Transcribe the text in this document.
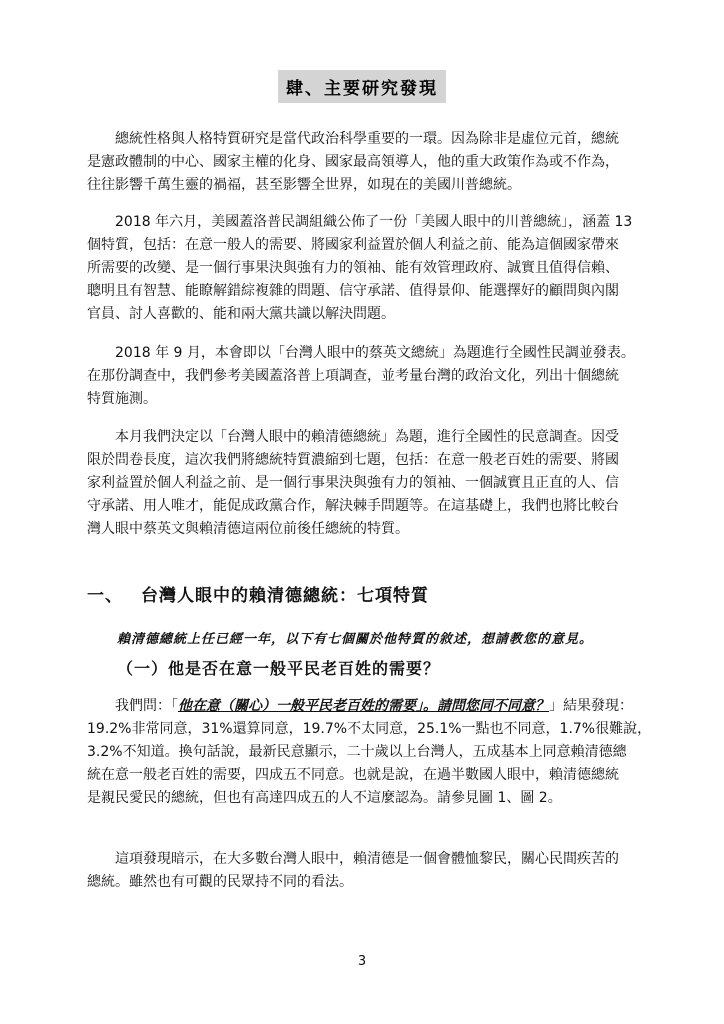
肆、主要研究發現
總統性格與人格特質研究是當代政治科學重要的一環。因為除非是虛位元首，總統
是憲政體制的中心、國家主權的化身、國家最高領導人，他的重大政策作為或不作為，
往往影響千萬生靈的禍福，甚至影響全世界，如現在的美國川普總統。
2018 年六月，美國蓋洛普民調組織公佈了一份「美國人眼中的川普總統」，涵蓋 13
個特質，包括：在意一般人的需要、將國家利益置於個人利益之前、能為這個國家帶來
所需要的改變、是一個行事果決與強有力的領袖、能有效管理政府、誠實且值得信賴、
聰明且有智慧、能瞭解錯綜複雜的問題、信守承諾、值得景仰、能選擇好的顧問與內閣
官員、討人喜歡的、能和兩大黨共識以解決問題。
2018 年 9 月，本會即以「台灣人眼中的蔡英文總統」為題進行全國性民調並發表。
在那份調查中，我們參考美國蓋洛普上項調查，並考量台灣的政治文化，列出十個總統
特質施測。
本月我們決定以「台灣人眼中的賴清德總統」為題，進行全國性的民意調查。因受
限於問卷長度，這次我們將總統特質濃縮到七題，包括：在意一般老百姓的需要、將國
家利益置於個人利益之前、是一個行事果決與強有力的領袖、一個誠實且正直的人、信
守承諾、用人唯才，能促成政黨合作，解決棘手問題等。在這基礎上，我們也將比較台
灣人眼中蔡英文與賴清德這兩位前後任總統的特質。
一、 台灣人眼中的賴清德總統：七項特質
賴清德總統上任已經一年，以下有七個關於他特質的敘述，想請教您的意見。
（一）他是否在意一般平民老百姓的需要？
我們問：「他在意（關心）一般平民老百姓的需要」。請問您同不同意？」結果發現：
19.2%非常同意，31%還算同意，19.7%不太同意，25.1%一點也不同意，1.7%很難說，
3.2%不知道。換句話說，最新民意顯示，二十歲以上台灣人，五成基本上同意賴清德總
統在意一般老百姓的需要，四成五不同意。也就是說，在過半數國人眼中，賴清德總統
是親民愛民的總統，但也有高達四成五的人不這麼認為。請參見圖 1、圖 2。
這項發現暗示，在大多數台灣人眼中，賴清德是一個會體恤黎民，關心民間疾苦的
總統。雖然也有可觀的民眾持不同的看法。
3
